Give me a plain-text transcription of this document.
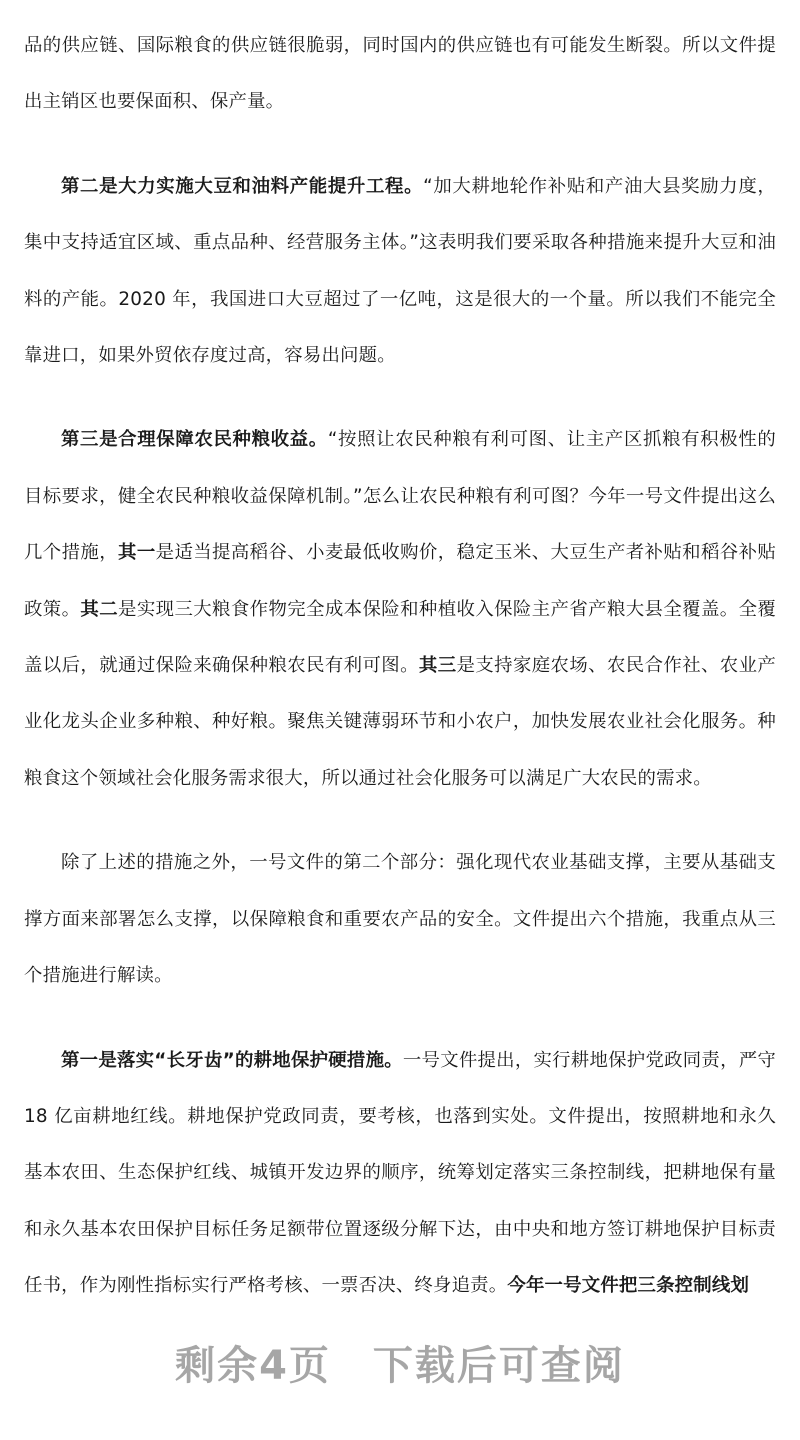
品的供应链、国际粮食的供应链很脆弱，同时国内的供应链也有可能发生断裂。所以文件提出主销区也要保面积、保产量。

第二是大力实施大豆和油料产能提升工程。“加大耕地轮作补贴和产油大县奖励力度，集中支持适宜区域、重点品种、经营服务主体。”这表明我们要采取各种措施来提升大豆和油料的产能。2020 年，我国进口大豆超过了一亿吨，这是很大的一个量。所以我们不能完全靠进口，如果外贸依存度过高，容易出问题。

第三是合理保障农民种粮收益。“按照让农民种粮有利可图、让主产区抓粮有积极性的目标要求，健全农民种粮收益保障机制。”怎么让农民种粮有利可图？今年一号文件提出这么几个措施，其一是适当提高稻谷、小麦最低收购价，稳定玉米、大豆生产者补贴和稻谷补贴政策。其二是实现三大粮食作物完全成本保险和种植收入保险主产省产粮大县全覆盖。全覆盖以后，就通过保险来确保种粮农民有利可图。其三是支持家庭农场、农民合作社、农业产业化龙头企业多种粮、种好粮。聚焦关键薄弱环节和小农户，加快发展农业社会化服务。种粮食这个领域社会化服务需求很大，所以通过社会化服务可以满足广大农民的需求。

除了上述的措施之外，一号文件的第二个部分：强化现代农业基础支撑，主要从基础支撑方面来部署怎么支撑，以保障粮食和重要农产品的安全。文件提出六个措施，我重点从三个措施进行解读。

第一是落实“长牙齿”的耕地保护硬措施。一号文件提出，实行耕地保护党政同责，严守 18 亿亩耕地红线。耕地保护党政同责，要考核，也落到实处。文件提出，按照耕地和永久基本农田、生态保护红线、城镇开发边界的顺序，统筹划定落实三条控制线，把耕地保有量和永久基本农田保护目标任务足额带位置逐级分解下达，由中央和地方签订耕地保护目标责任书，作为刚性指标实行严格考核、一票否决、终身追责。今年一号文件把三条控制线划

剩余4页　下载后可查阅
